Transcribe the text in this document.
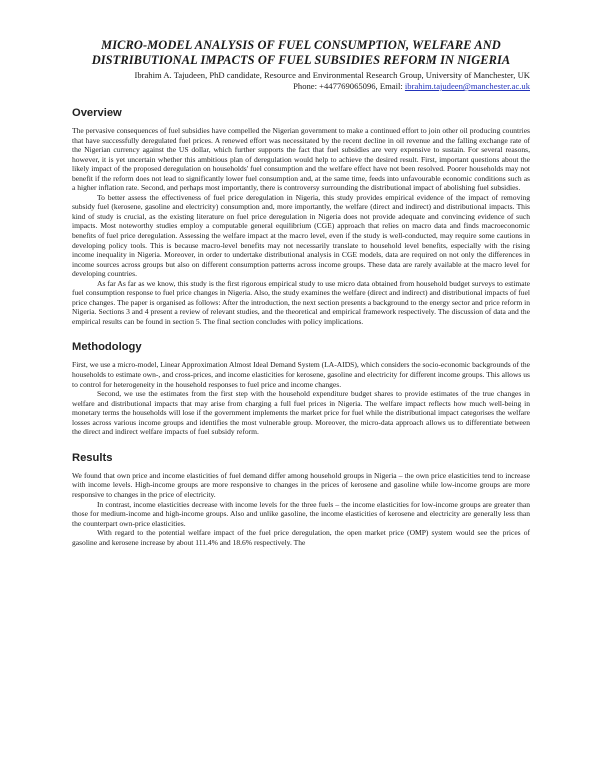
MICRO-MODEL ANALYSIS OF FUEL CONSUMPTION, WELFARE AND DISTRIBUTIONAL IMPACTS OF FUEL SUBSIDIES REFORM IN NIGERIA
Ibrahim A. Tajudeen, PhD candidate, Resource and Environmental Research Group, University of Manchester, UK
Phone: +447769065096, Email: ibrahim.tajudeen@manchester.ac.uk
Overview

The pervasive consequences of fuel subsidies have compelled the Nigerian government to make a continued effort to join other oil producing countries that have successfully deregulated fuel prices. A renewed effort was necessitated by the recent decline in oil revenue and the falling exchange rate of the Nigerian currency against the US dollar, which further supports the fact that fuel subsidies are very expensive to sustain. For several reasons, however, it is yet uncertain whether this ambitious plan of deregulation would help to achieve the desired result. First, important questions about the likely impact of the proposed deregulation on households' fuel consumption and the welfare effect have not been resolved. Poorer households may not benefit if the reform does not lead to significantly lower fuel consumption and, at the same time, feeds into unfavourable economic conditions such as a higher inflation rate. Second, and perhaps most importantly, there is controversy surrounding the distributional impact of abolishing fuel subsidies.

To better assess the effectiveness of fuel price deregulation in Nigeria, this study provides empirical evidence of the impact of removing subsidy fuel (kerosene, gasoline and electricity) consumption and, more importantly, the welfare (direct and indirect) and distributional impacts. This kind of study is crucial, as the existing literature on fuel price deregulation in Nigeria does not provide adequate and convincing evidence of such impacts. Most noteworthy studies employ a computable general equilibrium (CGE) approach that relies on macro data and finds macroeconomic benefits of fuel price deregulation. Assessing the welfare impact at the macro level, even if the study is well-conducted, may require some cautions in developing policy tools. This is because macro-level benefits may not necessarily translate to household level benefits, especially with the rising income inequality in Nigeria. Moreover, in order to undertake distributional analysis in CGE models, data are required on not only the differences in income sources across groups but also on different consumption patterns across income groups. These data are rarely available at the macro level for developing countries.

As far As far as we know, this study is the first rigorous empirical study to use micro data obtained from household budget surveys to estimate fuel consumption response to fuel price changes in Nigeria. Also, the study examines the welfare (direct and indirect) and distributional impacts of fuel price changes. The paper is organised as follows: After the introduction, the next section presents a background to the energy sector and price reform in Nigeria. Sections 3 and 4 present a review of relevant studies, and the theoretical and empirical framework respectively. The discussion of data and the empirical results can be found in section 5. The final section concludes with policy implications.

Methodology

First, we use a micro-model, Linear Approximation Almost Ideal Demand System (LA-AIDS), which considers the socio-economic backgrounds of the households to estimate own-, and cross-prices, and income elasticities for kerosene, gasoline and electricity for different income groups. This allows us to control for heterogeneity in the household responses to fuel price and income changes.

Second, we use the estimates from the first step with the household expenditure budget shares to provide estimates of the true changes in welfare and distributional impacts that may arise from charging a full fuel prices in Nigeria. The welfare impact reflects how much well-being in monetary terms the households will lose if the government implements the market price for fuel while the distributional impact categorises the welfare losses across various income groups and identifies the most vulnerable group. Moreover, the micro-data approach allows us to differentiate between the direct and indirect welfare impacts of fuel subsidy reform.

Results

We found that own price and income elasticities of fuel demand differ among household groups in Nigeria – the own price elasticities tend to increase with income levels. High-income groups are more responsive to changes in the prices of kerosene and gasoline while low-income groups are more responsive to changes in the price of electricity.

In contrast, income elasticities decrease with income levels for the three fuels – the income elasticities for low-income groups are greater than those for medium-income and high-income groups. Also and unlike gasoline, the income elasticities of kerosene and electricity are generally less than the counterpart own-price elasticities.

With regard to the potential welfare impact of the fuel price deregulation, the open market price (OMP) system would see the prices of gasoline and kerosene increase by about 111.4% and 18.6% respectively. The
